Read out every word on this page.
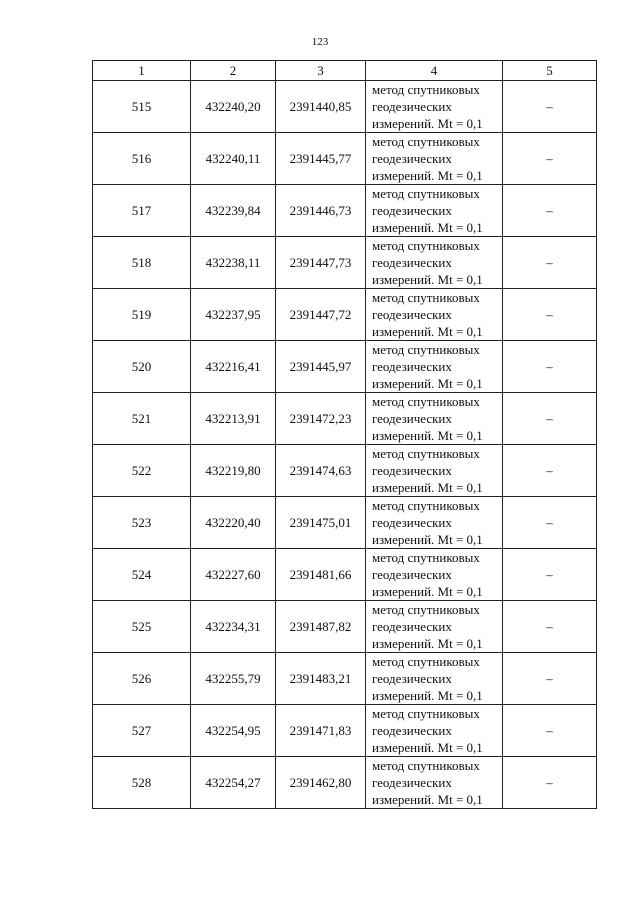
123
1	2	3	4	5
515	432240,20	2391440,85	метод спутниковых
геодезических
измерений. Mt = 0,1	–
516	432240,11	2391445,77	метод спутниковых
геодезических
измерений. Mt = 0,1	–
517	432239,84	2391446,73	метод спутниковых
геодезических
измерений. Mt = 0,1	–
518	432238,11	2391447,73	метод спутниковых
геодезических
измерений. Mt = 0,1	–
519	432237,95	2391447,72	метод спутниковых
геодезических
измерений. Mt = 0,1	–
520	432216,41	2391445,97	метод спутниковых
геодезических
измерений. Mt = 0,1	–
521	432213,91	2391472,23	метод спутниковых
геодезических
измерений. Mt = 0,1	–
522	432219,80	2391474,63	метод спутниковых
геодезических
измерений. Mt = 0,1	–
523	432220,40	2391475,01	метод спутниковых
геодезических
измерений. Mt = 0,1	–
524	432227,60	2391481,66	метод спутниковых
геодезических
измерений. Mt = 0,1	–
525	432234,31	2391487,82	метод спутниковых
геодезических
измерений. Mt = 0,1	–
526	432255,79	2391483,21	метод спутниковых
геодезических
измерений. Mt = 0,1	–
527	432254,95	2391471,83	метод спутниковых
геодезических
измерений. Mt = 0,1	–
528	432254,27	2391462,80	метод спутниковых
геодезических
измерений. Mt = 0,1	–
